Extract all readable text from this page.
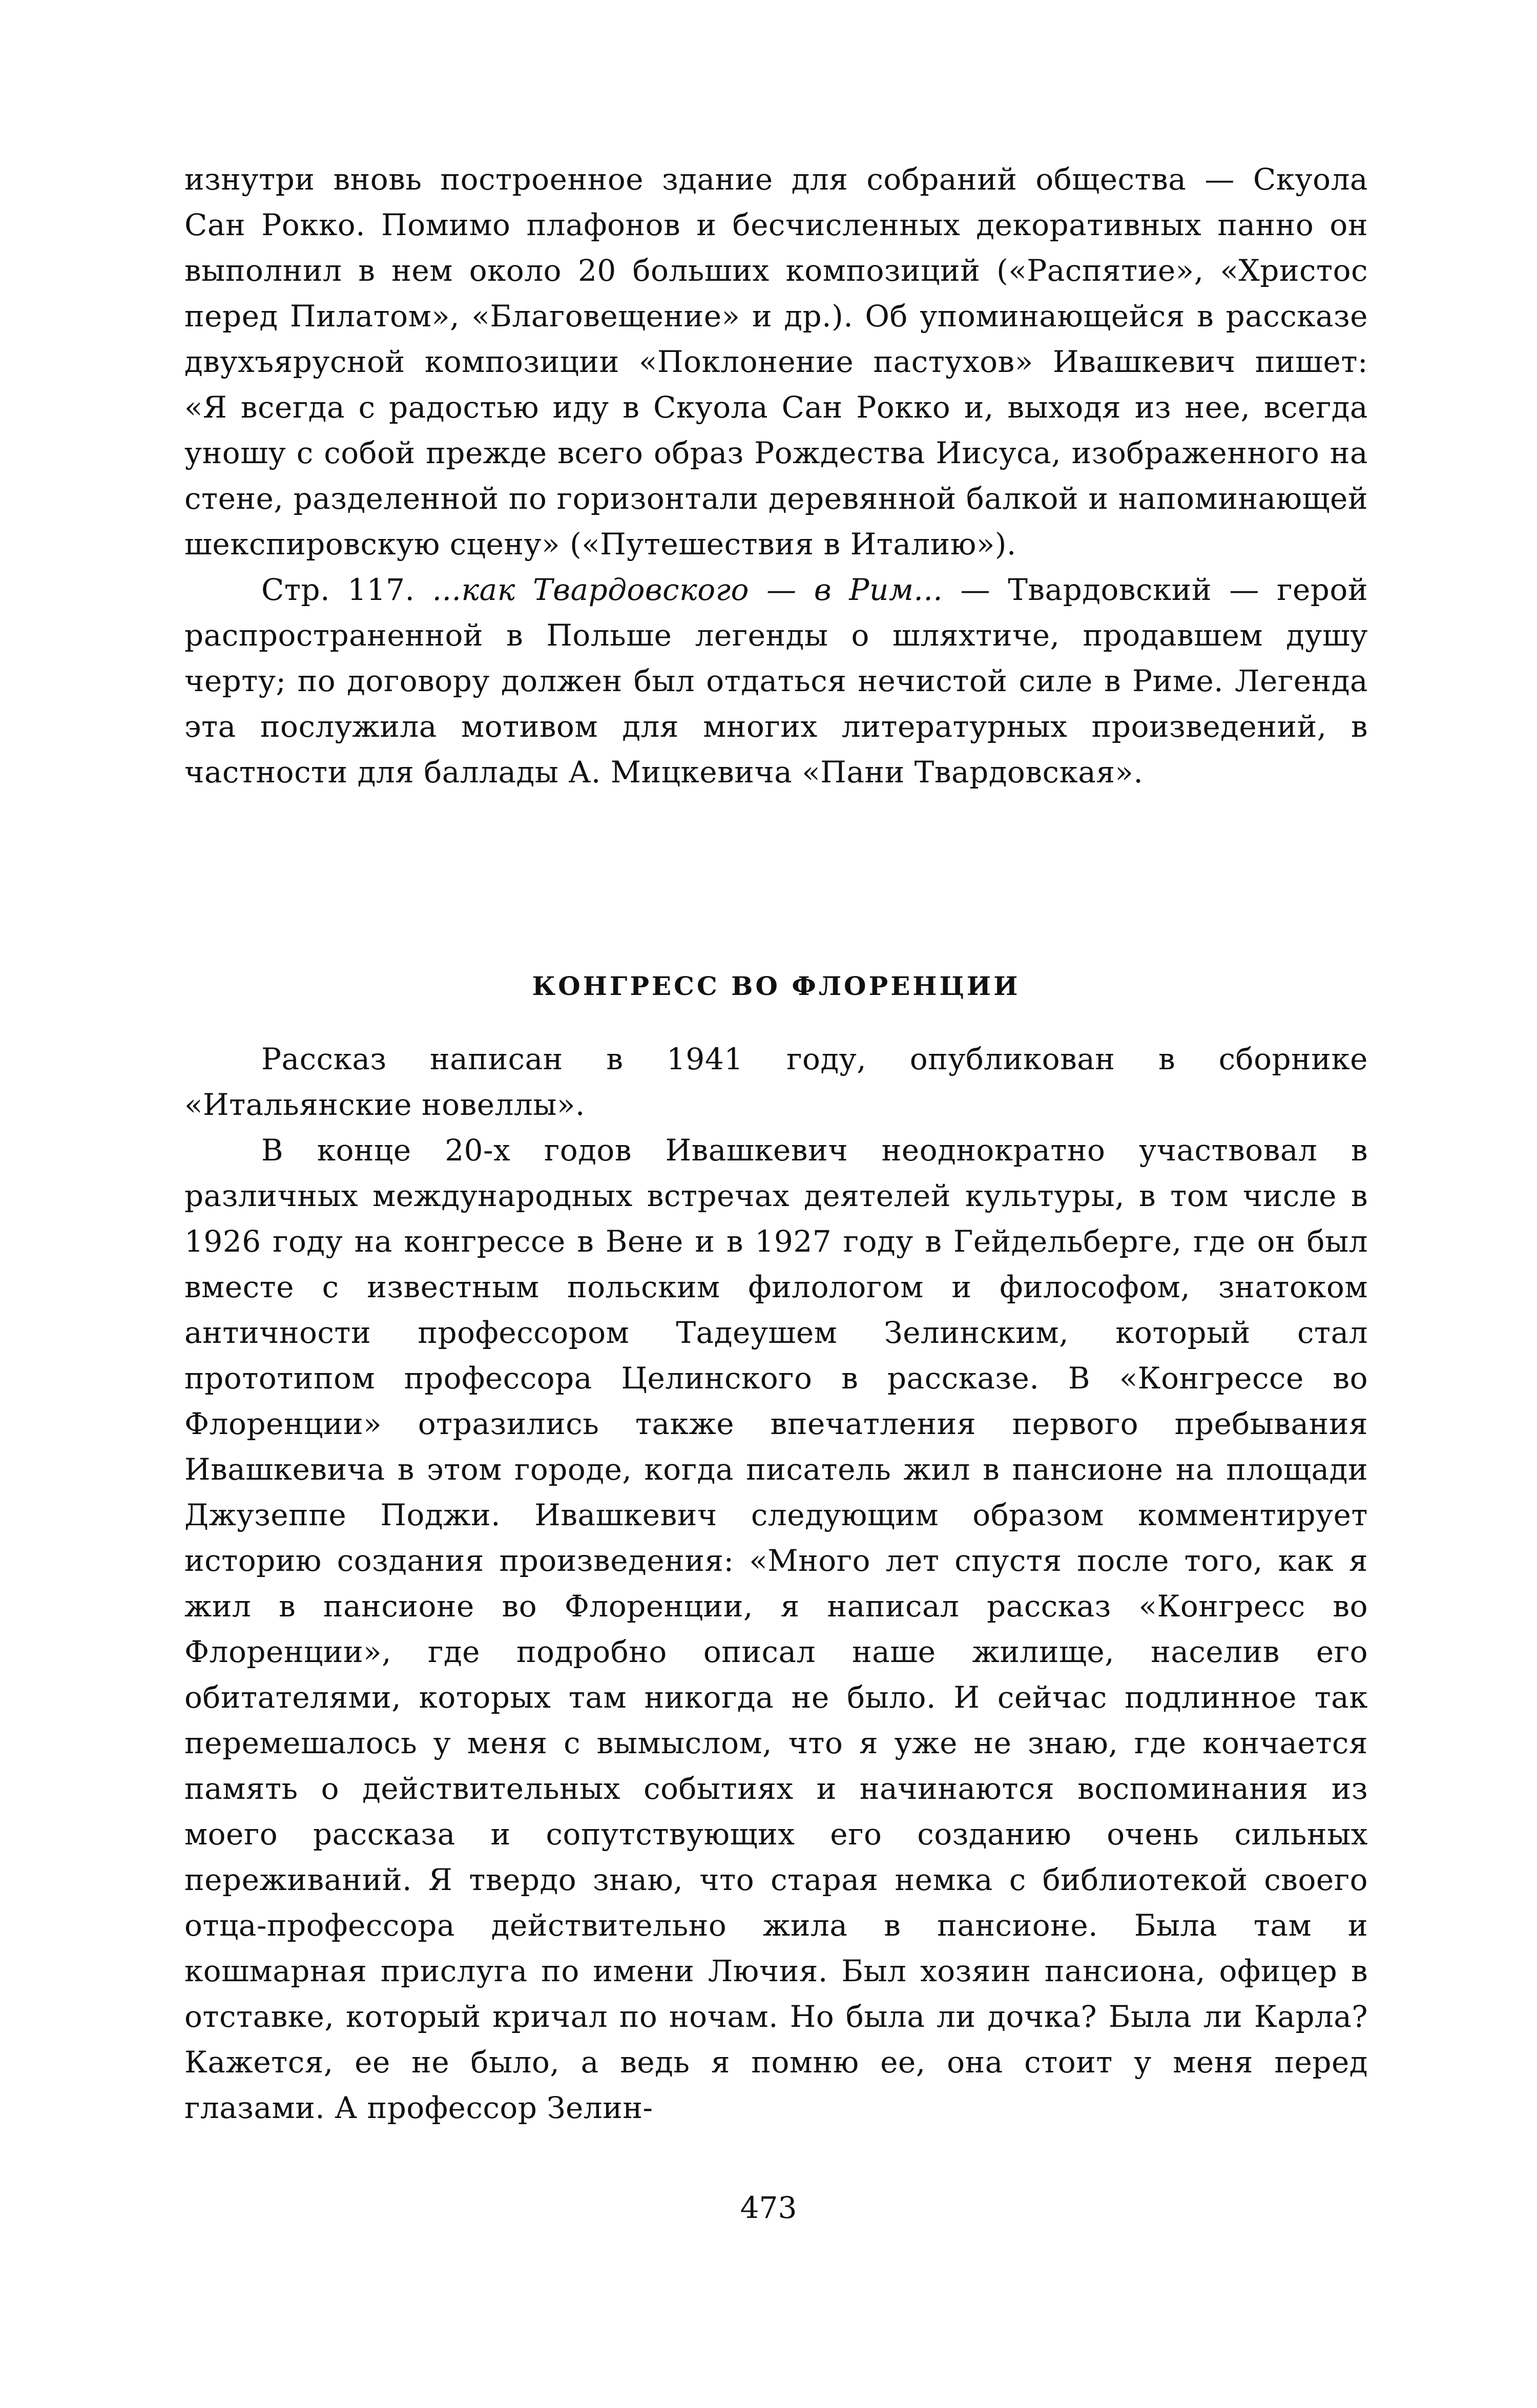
изнутри вновь построенное здание для собраний общества — Скуола Сан Рокко. Помимо плафонов и бесчисленных декоративных панно он выполнил в нем около 20 больших композиций («Распятие», «Христос перед Пилатом», «Благовещение» и др.). Об упоминающейся в рассказе двухъярусной композиции «Поклонение пастухов» Ивашкевич пишет: «Я всегда с радостью иду в Скуола Сан Рокко и, выходя из нее, всегда уношу с собой прежде всего образ Рождества Иисуса, изображенного на стене, разделенной по горизонтали деревянной балкой и напоминающей шекспировскую сцену» («Путешествия в Италию»).

Стр. 117. ...как Твардовского — в Рим... — Твардовский — герой распространенной в Польше легенды о шляхтиче, продавшем душу черту; по договору должен был отдаться нечистой силе в Риме. Легенда эта послужила мотивом для многих литературных произведений, в частности для баллады А. Мицкевича «Пани Твардовская».

КОНГРЕСС ВО ФЛОРЕНЦИИ

Рассказ написан в 1941 году, опубликован в сборнике «Итальянские новеллы».

В конце 20-х годов Ивашкевич неоднократно участвовал в различных международных встречах деятелей культуры, в том числе в 1926 году на конгрессе в Вене и в 1927 году в Гейдельберге, где он был вместе с известным польским филологом и философом, знатоком античности профессором Тадеушем Зелинским, который стал прототипом профессора Целинского в рассказе. В «Конгрессе во Флоренции» отразились также впечатления первого пребывания Ивашкевича в этом городе, когда писатель жил в пансионе на площади Джузеппе Поджи. Ивашкевич следующим образом комментирует историю создания произведения: «Много лет спустя после того, как я жил в пансионе во Флоренции, я написал рассказ «Конгресс во Флоренции», где подробно описал наше жилище, населив его обитателями, которых там никогда не было. И сейчас подлинное так перемешалось у меня с вымыслом, что я уже не знаю, где кончается память о действительных событиях и начинаются воспоминания из моего рассказа и сопутствующих его созданию очень сильных переживаний. Я твердо знаю, что старая немка с библиотекой своего отца-профессора действительно жила в пансионе. Была там и кошмарная прислуга по имени Лючия. Был хозяин пансиона, офицер в отставке, который кричал по ночам. Но была ли дочка? Была ли Карла? Кажется, ее не было, а ведь я помню ее, она стоит у меня перед глазами. А профессор Зелин-

473
